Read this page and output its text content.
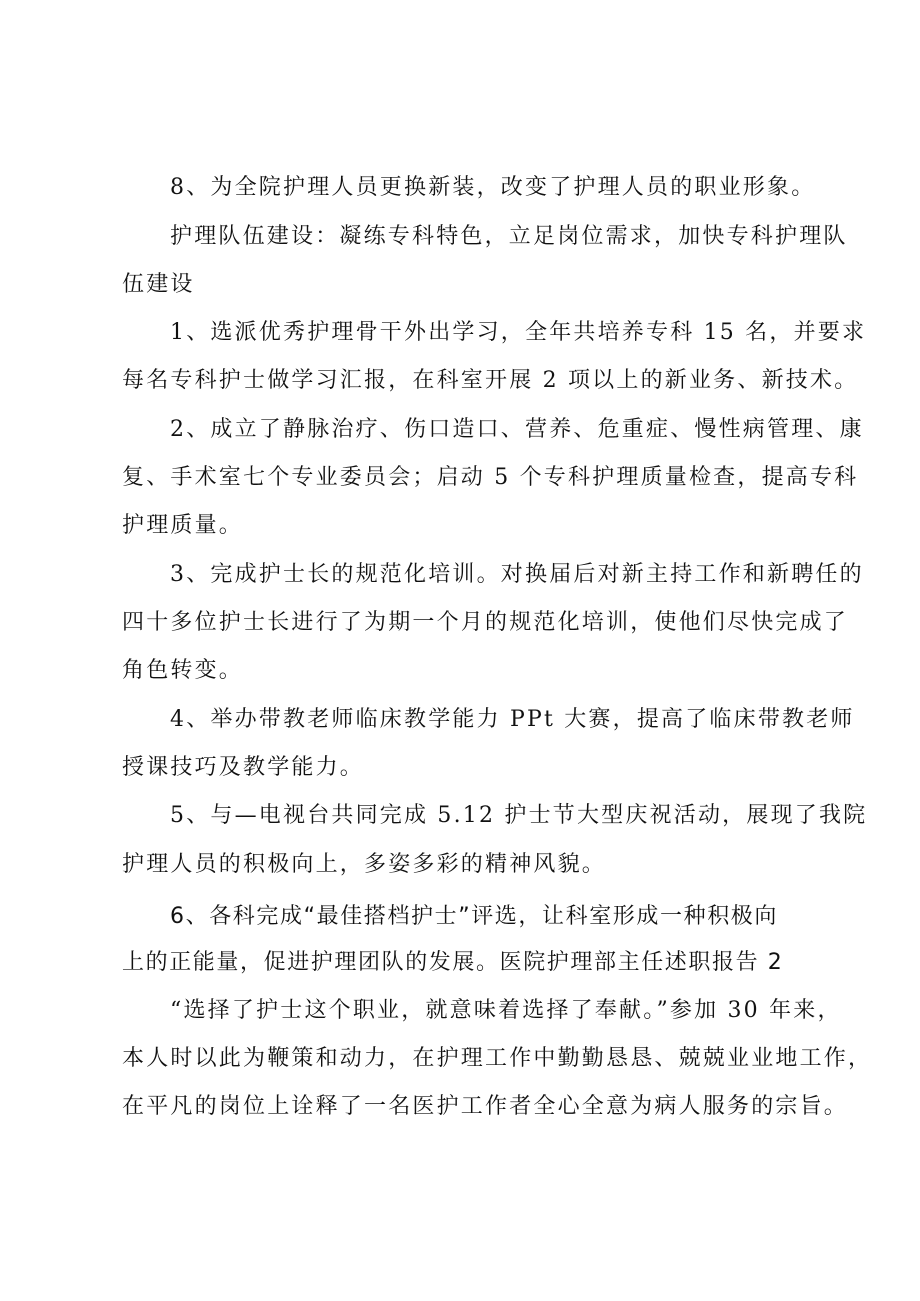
8、为全院护理人员更换新装，改变了护理人员的职业形象。

护理队伍建设：凝练专科特色，立足岗位需求，加快专科护理队

伍建设

1、选派优秀护理骨干外出学习，全年共培养专科 15 名，并要求

每名专科护士做学习汇报，在科室开展 2 项以上的新业务、新技术。

2、成立了静脉治疗、伤口造口、营养、危重症、慢性病管理、康

复、手术室七个专业委员会；启动 5 个专科护理质量检查，提高专科

护理质量。

3、完成护士长的规范化培训。对换届后对新主持工作和新聘任的

四十多位护士长进行了为期一个月的规范化培训，使他们尽快完成了

角色转变。

4、举办带教老师临床教学能力 PPt 大赛，提高了临床带教老师

授课技巧及教学能力。

5、与—电视台共同完成 5.12 护士节大型庆祝活动，展现了我院

护理人员的积极向上，多姿多彩的精神风貌。

6、各科完成“最佳搭档护士”评选，让科室形成一种积极向

上的正能量，促进护理团队的发展。医院护理部主任述职报告 2

“选择了护士这个职业，就意味着选择了奉献。”参加 30 年来，

本人时以此为鞭策和动力，在护理工作中勤勤恳恳、兢兢业业地工作，

在平凡的岗位上诠释了一名医护工作者全心全意为病人服务的宗旨。
